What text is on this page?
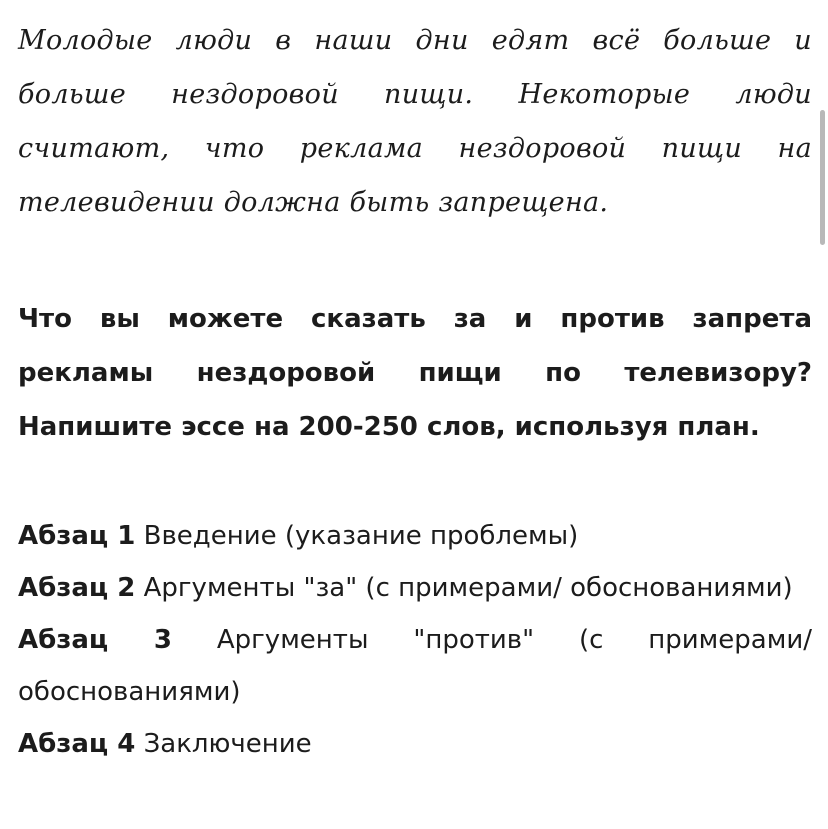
Молодые люди в наши дни едят всё больше и больше нездоровой пищи. Некоторые люди считают, что реклама нездоровой пищи на телевидении должна быть запрещена.

Что вы можете сказать за и против запрета рекламы нездоровой пищи по телевизору? Напишите эссе на 200-250 слов, используя план.

Абзац 1 Введение (указание проблемы)
Абзац 2 Аргументы "за" (с примерами/ обоснованиями)
Абзац 3 Аргументы "против" (с примерами/ обоснованиями)
Абзац 4 Заключение
